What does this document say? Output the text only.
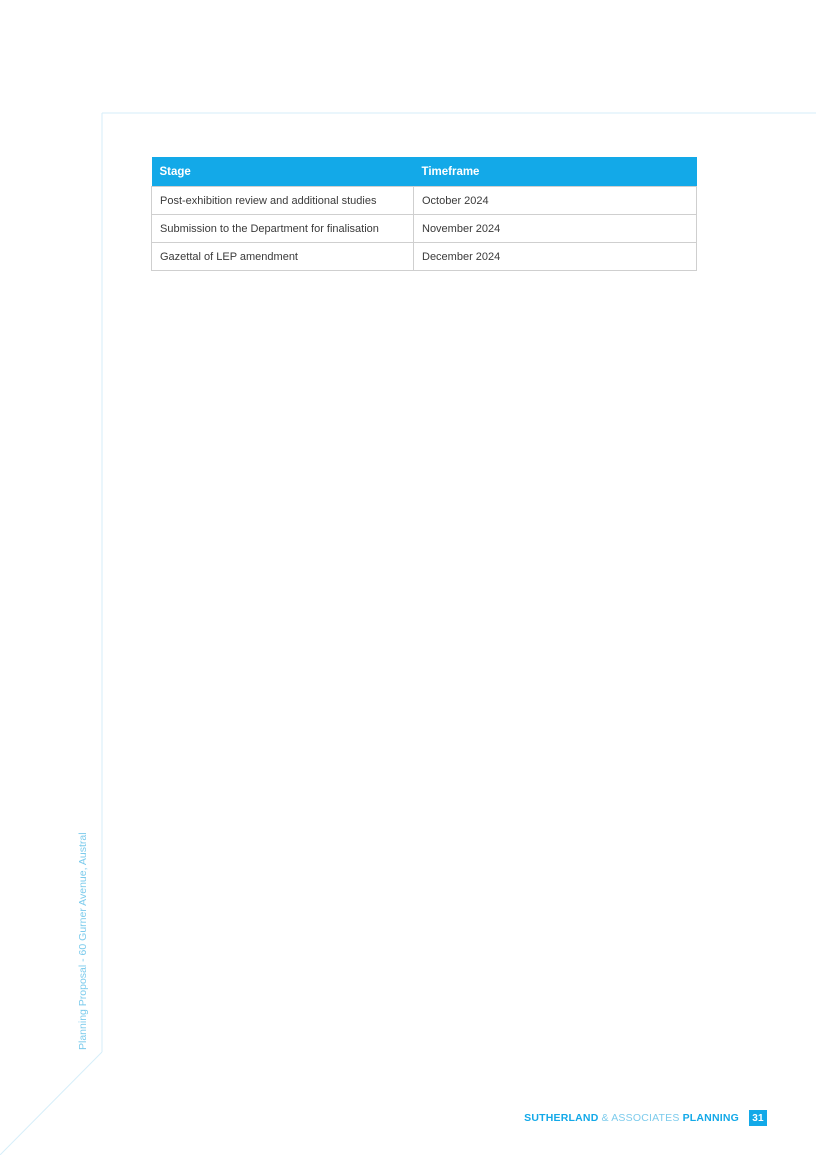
Planning Proposal - 60 Gurner Avenue, Austral
Stage	Timeframe
Post-exhibition review and additional studies	October 2024
Submission to the Department for finalisation	November 2024
Gazettal of LEP amendment	December 2024
SUTHERLAND & ASSOCIATES PLANNING	31
